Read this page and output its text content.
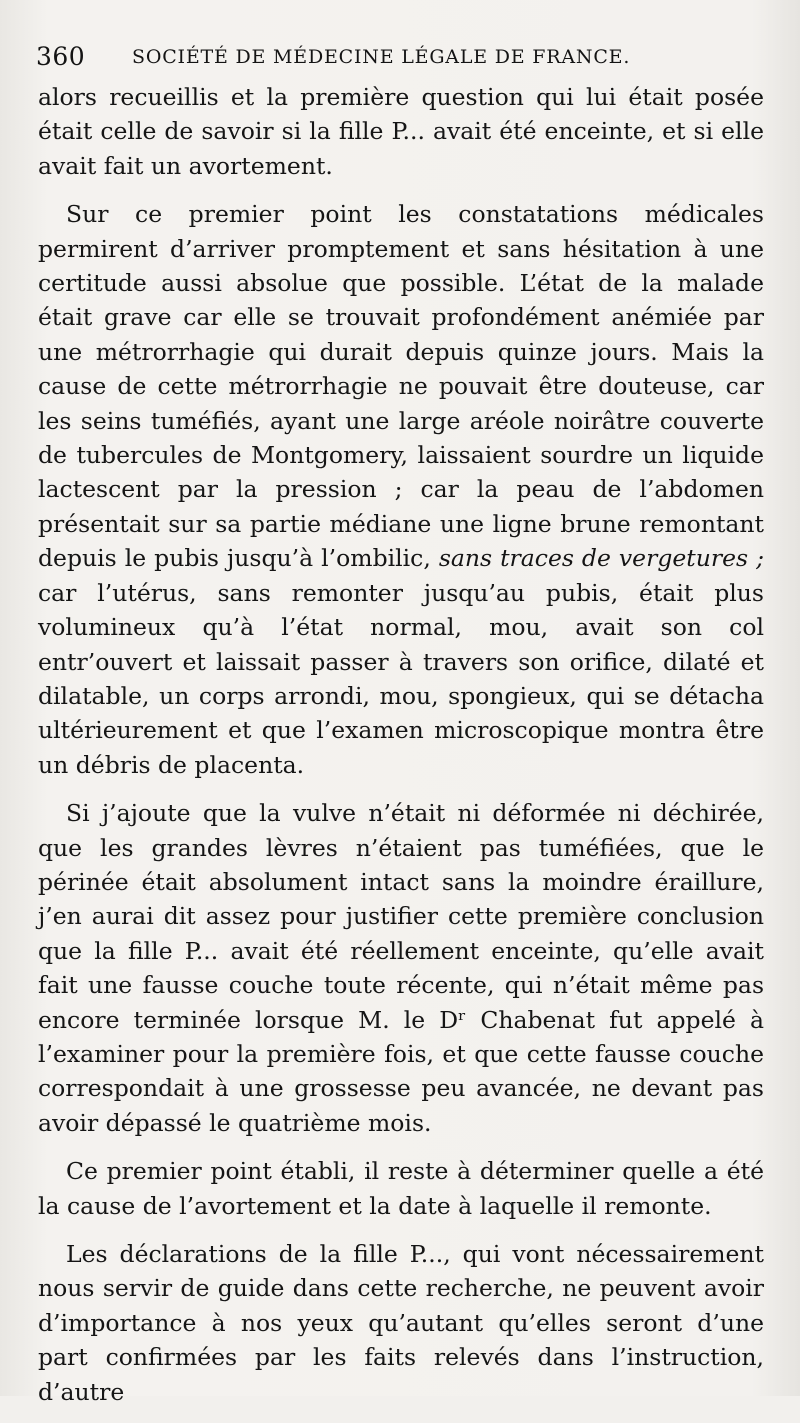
360 SOCIÉTÉ DE MÉDECINE LÉGALE DE FRANCE.

alors recueillis et la première question qui lui était posée était celle de savoir si la fille P... avait été enceinte, et si elle avait fait un avortement.

Sur ce premier point les constatations médicales permirent d’arriver promptement et sans hésitation à une certitude aussi absolue que possible. L’état de la malade était grave car elle se trouvait profondément anémiée par une métrorrhagie qui durait depuis quinze jours. Mais la cause de cette métrorrhagie ne pouvait être douteuse, car les seins tuméfiés, ayant une large aréole noirâtre couverte de tubercules de Montgomery, laissaient sourdre un liquide lactescent par la pression ; car la peau de l’abdomen présentait sur sa partie médiane une ligne brune remontant depuis le pubis jusqu’à l’ombilic, sans traces de vergetures ; car l’utérus, sans remonter jusqu’au pubis, était plus volumineux qu’à l’état normal, mou, avait son col entr’ouvert et laissait passer à travers son orifice, dilaté et dilatable, un corps arrondi, mou, spongieux, qui se détacha ultérieurement et que l’examen microscopique montra être un débris de placenta.

Si j’ajoute que la vulve n’était ni déformée ni déchirée, que les grandes lèvres n’étaient pas tuméfiées, que le périnée était absolument intact sans la moindre éraillure, j’en aurai dit assez pour justifier cette première conclusion que la fille P... avait été réellement enceinte, qu’elle avait fait une fausse couche toute récente, qui n’était même pas encore terminée lorsque M. le Dʳ Chabenat fut appelé à l’examiner pour la première fois, et que cette fausse couche correspondait à une grossesse peu avancée, ne devant pas avoir dépassé le quatrième mois.

Ce premier point établi, il reste à déterminer quelle a été la cause de l’avortement et la date à laquelle il remonte.

Les déclarations de la fille P..., qui vont nécessairement nous servir de guide dans cette recherche, ne peuvent avoir d’importance à nos yeux qu’autant qu’elles seront d’une part confirmées par les faits relevés dans l’instruction, d’autre
